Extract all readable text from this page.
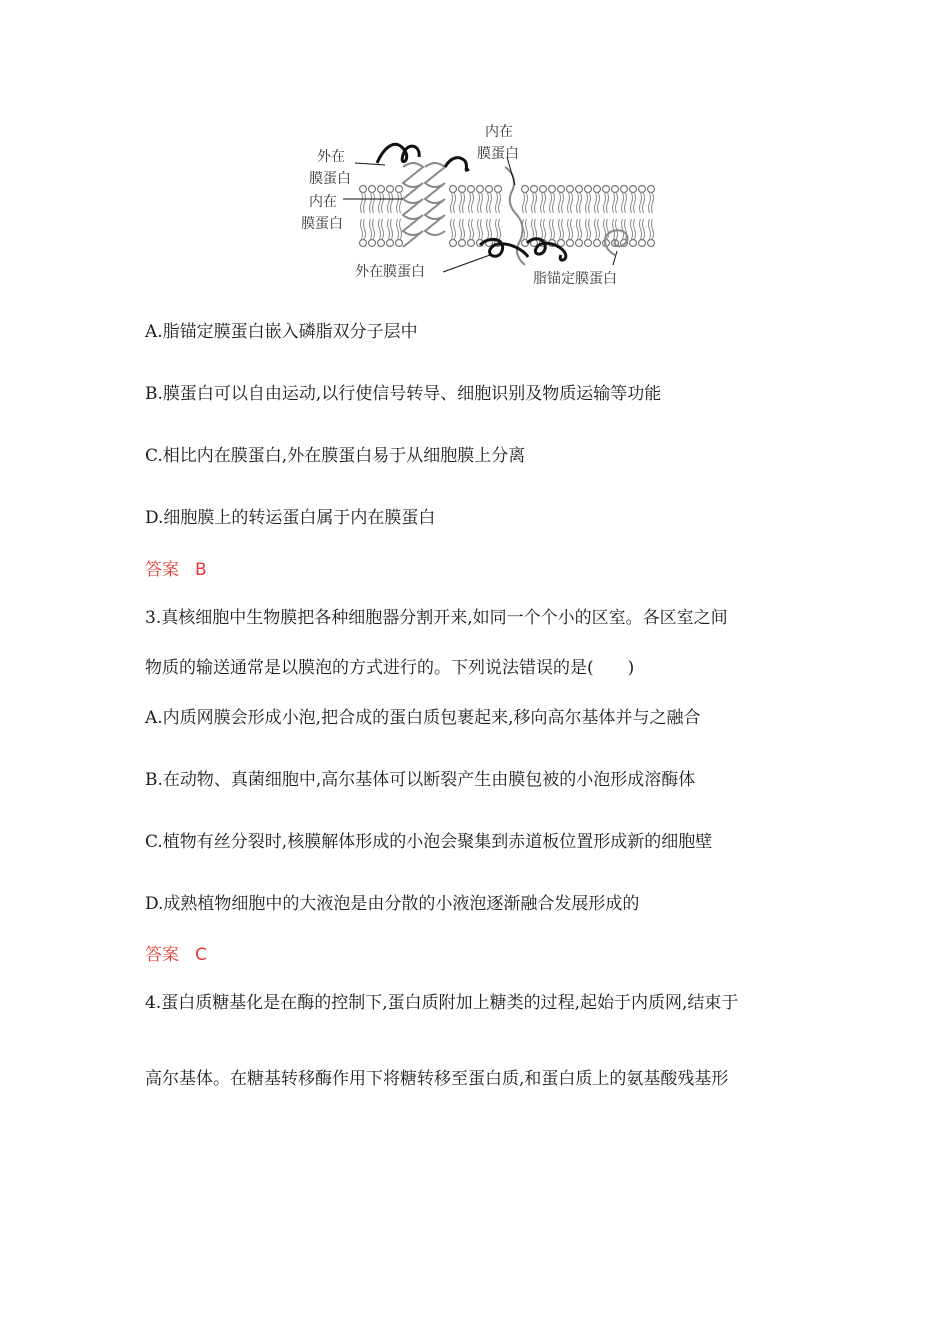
外在
膜蛋白
内在
膜蛋白
内在
膜蛋白
外在膜蛋白	脂锚定膜蛋白
A.脂锚定膜蛋白嵌入磷脂双分子层中
B.膜蛋白可以自由运动,以行使信号转导、细胞识别及物质运输等功能
C.相比内在膜蛋白,外在膜蛋白易于从细胞膜上分离
D.细胞膜上的转运蛋白属于内在膜蛋白
答案 B
3.真核细胞中生物膜把各种细胞器分割开来,如同一个个小的区室。各区室之间
物质的输送通常是以膜泡的方式进行的。下列说法错误的是(　　)
A.内质网膜会形成小泡,把合成的蛋白质包裹起来,移向高尔基体并与之融合
B.在动物、真菌细胞中,高尔基体可以断裂产生由膜包被的小泡形成溶酶体
C.植物有丝分裂时,核膜解体形成的小泡会聚集到赤道板位置形成新的细胞壁
D.成熟植物细胞中的大液泡是由分散的小液泡逐渐融合发展形成的
答案 C
4.蛋白质糖基化是在酶的控制下,蛋白质附加上糖类的过程,起始于内质网,结束于
高尔基体。在糖基转移酶作用下将糖转移至蛋白质,和蛋白质上的氨基酸残基形
